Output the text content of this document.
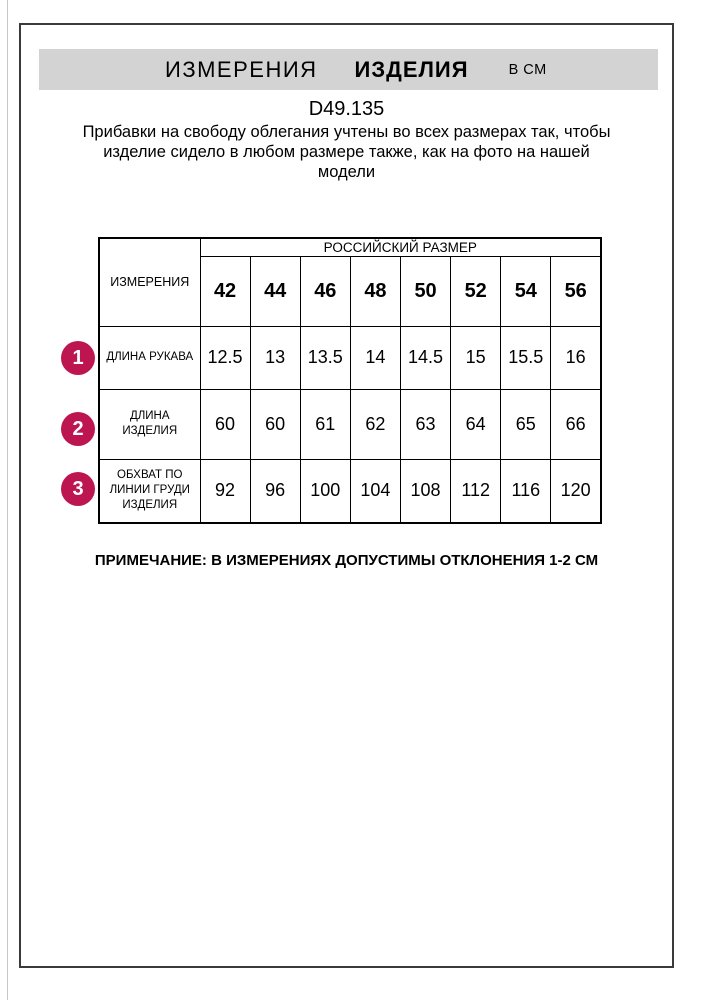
ИЗМЕРЕНИЯ ИЗДЕЛИЯ	В СМ
D49.135
Прибавки на свободу облегания учтены во всех размерах так, чтобы
изделие сидело в любом размере также, как на фото на нашей
модели
ИЗМЕРЕНИЯ	РОССИЙСКИЙ РАЗМЕР							
	42	44	46	48	50	52	54	56
ДЛИНА РУКАВА	12.5	13	13.5	14	14.5	15	15.5	16
ДЛИНА ИЗДЕЛИЯ	60	60	61	62	63	64	65	66
ОБХВАТ ПО ЛИНИИ ГРУДИ ИЗДЕЛИЯ	92	96	100	104	108	112	116	120
1
2
3
ПРИМЕЧАНИЕ: В ИЗМЕРЕНИЯХ ДОПУСТИМЫ ОТКЛОНЕНИЯ 1-2 СМ
